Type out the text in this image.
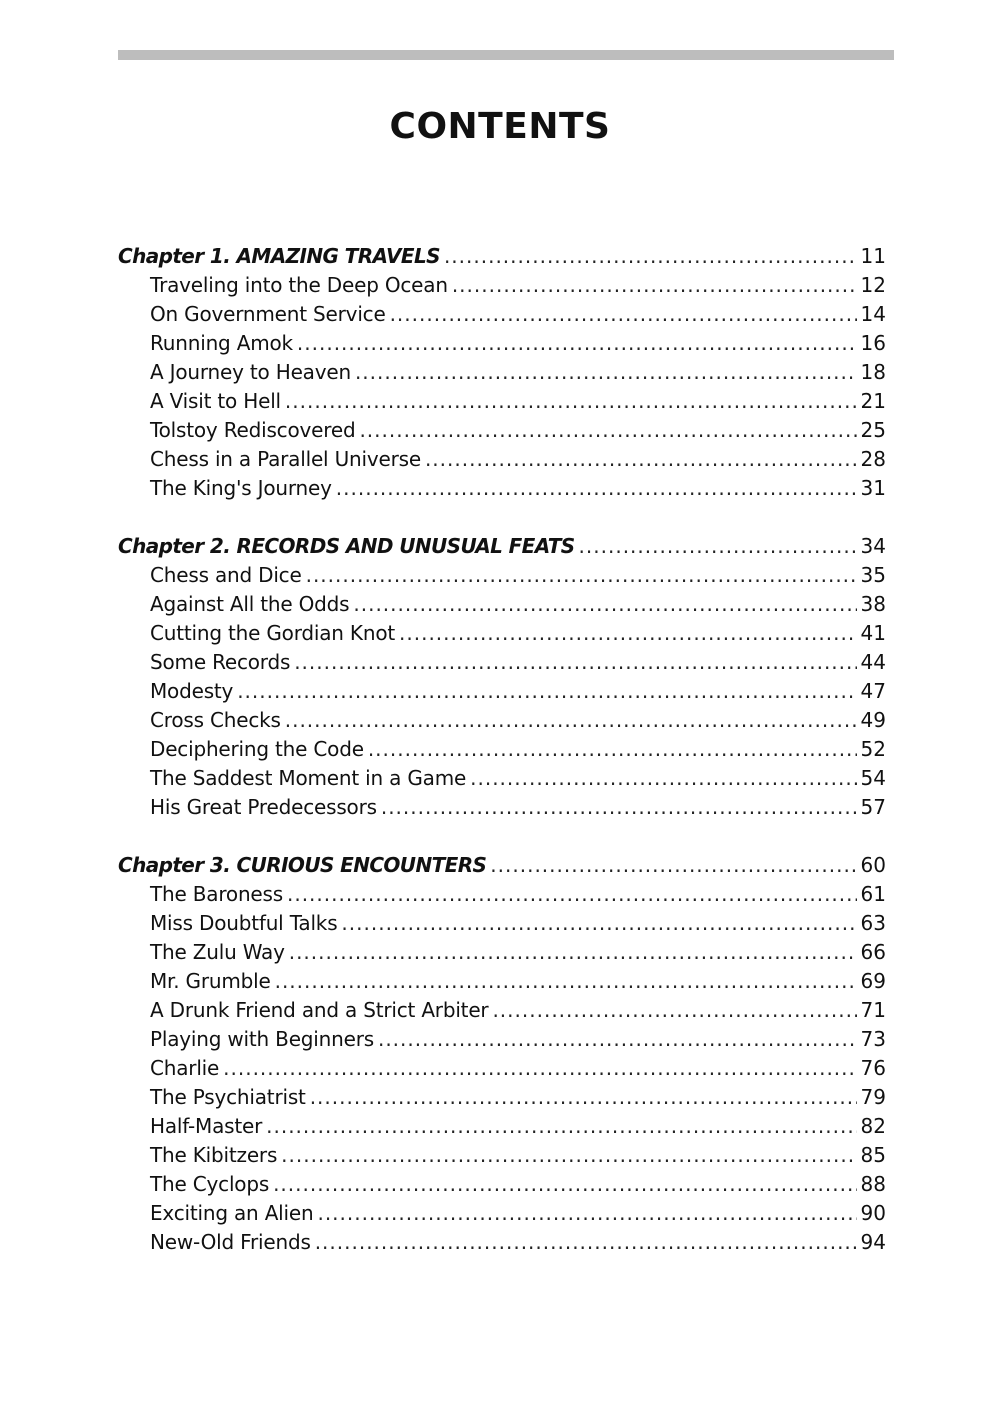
CONTENTS
Chapter 1. AMAZING TRAVELS .....	11
Traveling into the Deep Ocean .....	12
On Government Service .....	14
Running Amok .....	16
A Journey to Heaven .....	18
A Visit to Hell .....	21
Tolstoy Rediscovered .....	25
Chess in a Parallel Universe .....	28
The King's Journey .....	31
Chapter 2. RECORDS AND UNUSUAL FEATS .....	34
Chess and Dice .....	35
Against All the Odds .....	38
Cutting the Gordian Knot .....	41
Some Records .....	44
Modesty .....	47
Cross Checks .....	49
Deciphering the Code .....	52
The Saddest Moment in a Game .....	54
His Great Predecessors .....	57
Chapter 3. CURIOUS ENCOUNTERS .....	60
The Baroness .....	61
Miss Doubtful Talks .....	63
The Zulu Way .....	66
Mr. Grumble .....	69
A Drunk Friend and a Strict Arbiter .....	71
Playing with Beginners .....	73
Charlie .....	76
The Psychiatrist .....	79
Half-Master .....	82
The Kibitzers .....	85
The Cyclops .....	88
Exciting an Alien .....	90
New-Old Friends .....	94
